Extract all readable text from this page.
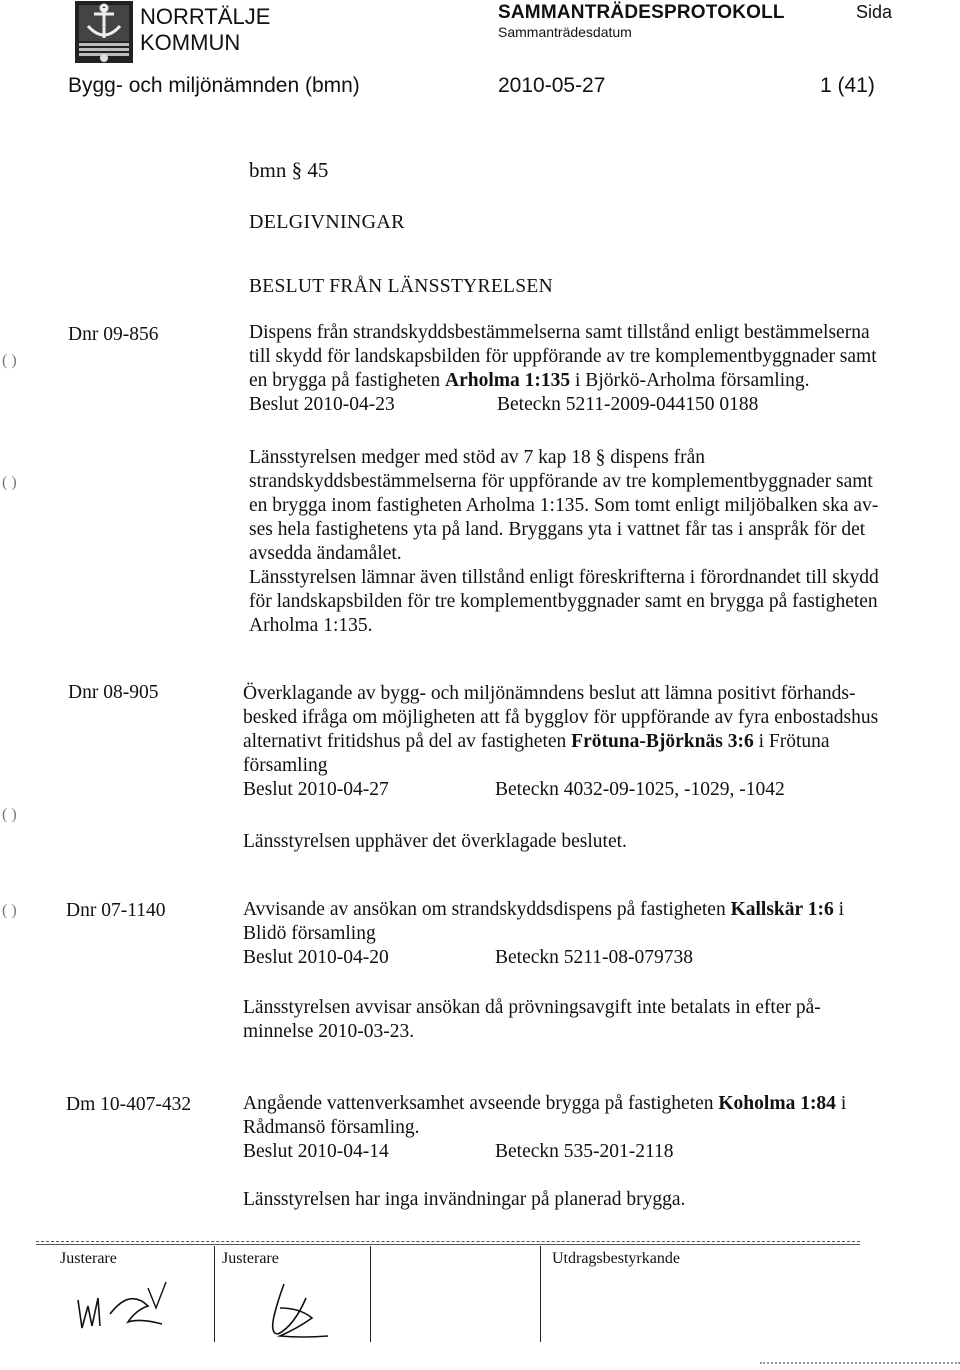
NORRTÄLJE
KOMMUN
SAMMANTRÄDESPROTOKOLL
Sammanträdesdatum
Sida
Bygg- och miljönämnden (bmn)	2010-05-27	1 (41)
bmn § 45
DELGIVNINGAR
BESLUT FRÅN LÄNSSTYRELSEN
Dnr 09-856	Dispens från strandskyddsbestämmelserna samt tillstånd enligt bestämmelserna
till skydd för landskapsbilden för uppförande av tre komplementbyggnader samt
en brygga på fastigheten Arholma 1:135 i Björkö-Arholma församling.
Beslut 2010-04-23	Beteckn 5211-2009-044150 0188
Länsstyrelsen medger med stöd av 7 kap 18 § dispens från
strandskyddsbestämmelserna för uppförande av tre komplementbyggnader samt
en brygga inom fastigheten Arholma 1:135. Som tomt enligt miljöbalken ska av-
ses hela fastighetens yta på land. Bryggans yta i vattnet får tas i anspråk för det
avsedda ändamålet.
Länsstyrelsen lämnar även tillstånd enligt föreskrifterna i förordnandet till skydd
för landskapsbilden för tre komplementbyggnader samt en brygga på fastigheten
Arholma 1:135.
Dnr 08-905	Överklagande av bygg- och miljönämndens beslut att lämna positivt förhands-
besked ifråga om möjligheten att få bygglov för uppförande av fyra enbostadshus
alternativt fritidshus på del av fastigheten Frötuna-Björknäs 3:6 i Frötuna
församling
Beslut 2010-04-27	Beteckn 4032-09-1025, -1029, -1042
Länsstyrelsen upphäver det överklagade beslutet.
Dnr 07-1140	Avvisande av ansökan om strandskyddsdispens på fastigheten Kallskär 1:6 i
Blidö församling
Beslut 2010-04-20	Beteckn 5211-08-079738
Länsstyrelsen avvisar ansökan då prövningsavgift inte betalats in efter på-
minnelse 2010-03-23.
Dm 10-407-432	Angående vattenverksamhet avseende brygga på fastigheten Koholma 1:84 i
Rådmansö församling.
Beslut 2010-04-14	Beteckn 535-201-2118
Länsstyrelsen har inga invändningar på planerad brygga.
( )
( )
( )
( )
Justerare	Justerare	Utdragsbestyrkande
